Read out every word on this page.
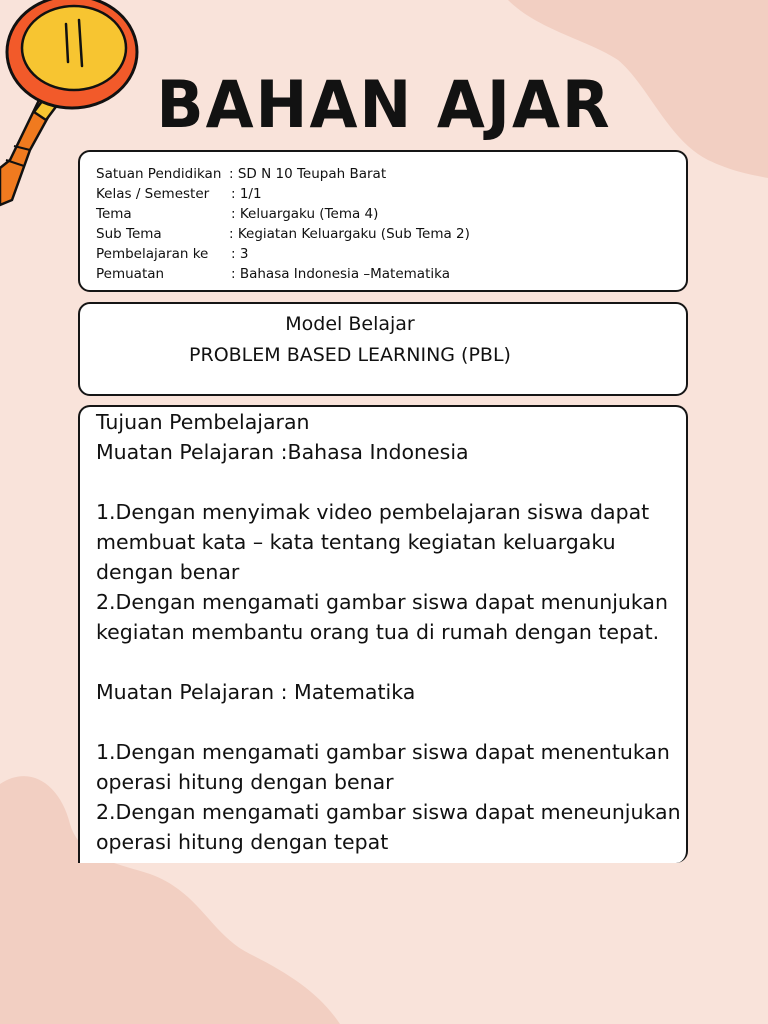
BAHAN AJAR
Satuan Pendidikan : SD N 10 Teupah Barat
Kelas / Semester : 1/1
Tema	: Keluargaku (Tema 4)
Sub Tema	: Kegiatan Keluargaku (Sub Tema 2)
Pembelajaran ke : 3
Pemuatan	: Bahasa Indonesia –Matematika
Model Belajar
PROBLEM BASED LEARNING (PBL)
Tujuan Pembelajaran
Muatan Pelajaran :Bahasa Indonesia
1.Dengan menyimak video pembelajaran siswa dapat
membuat kata – kata tentang kegiatan keluargaku
dengan benar
2.Dengan mengamati gambar siswa dapat menunjukan
kegiatan membantu orang tua di rumah dengan tepat.
Muatan Pelajaran : Matematika
1.Dengan mengamati gambar siswa dapat menentukan
operasi hitung dengan benar
2.Dengan mengamati gambar siswa dapat meneunjukan
operasi hitung dengan tepat
